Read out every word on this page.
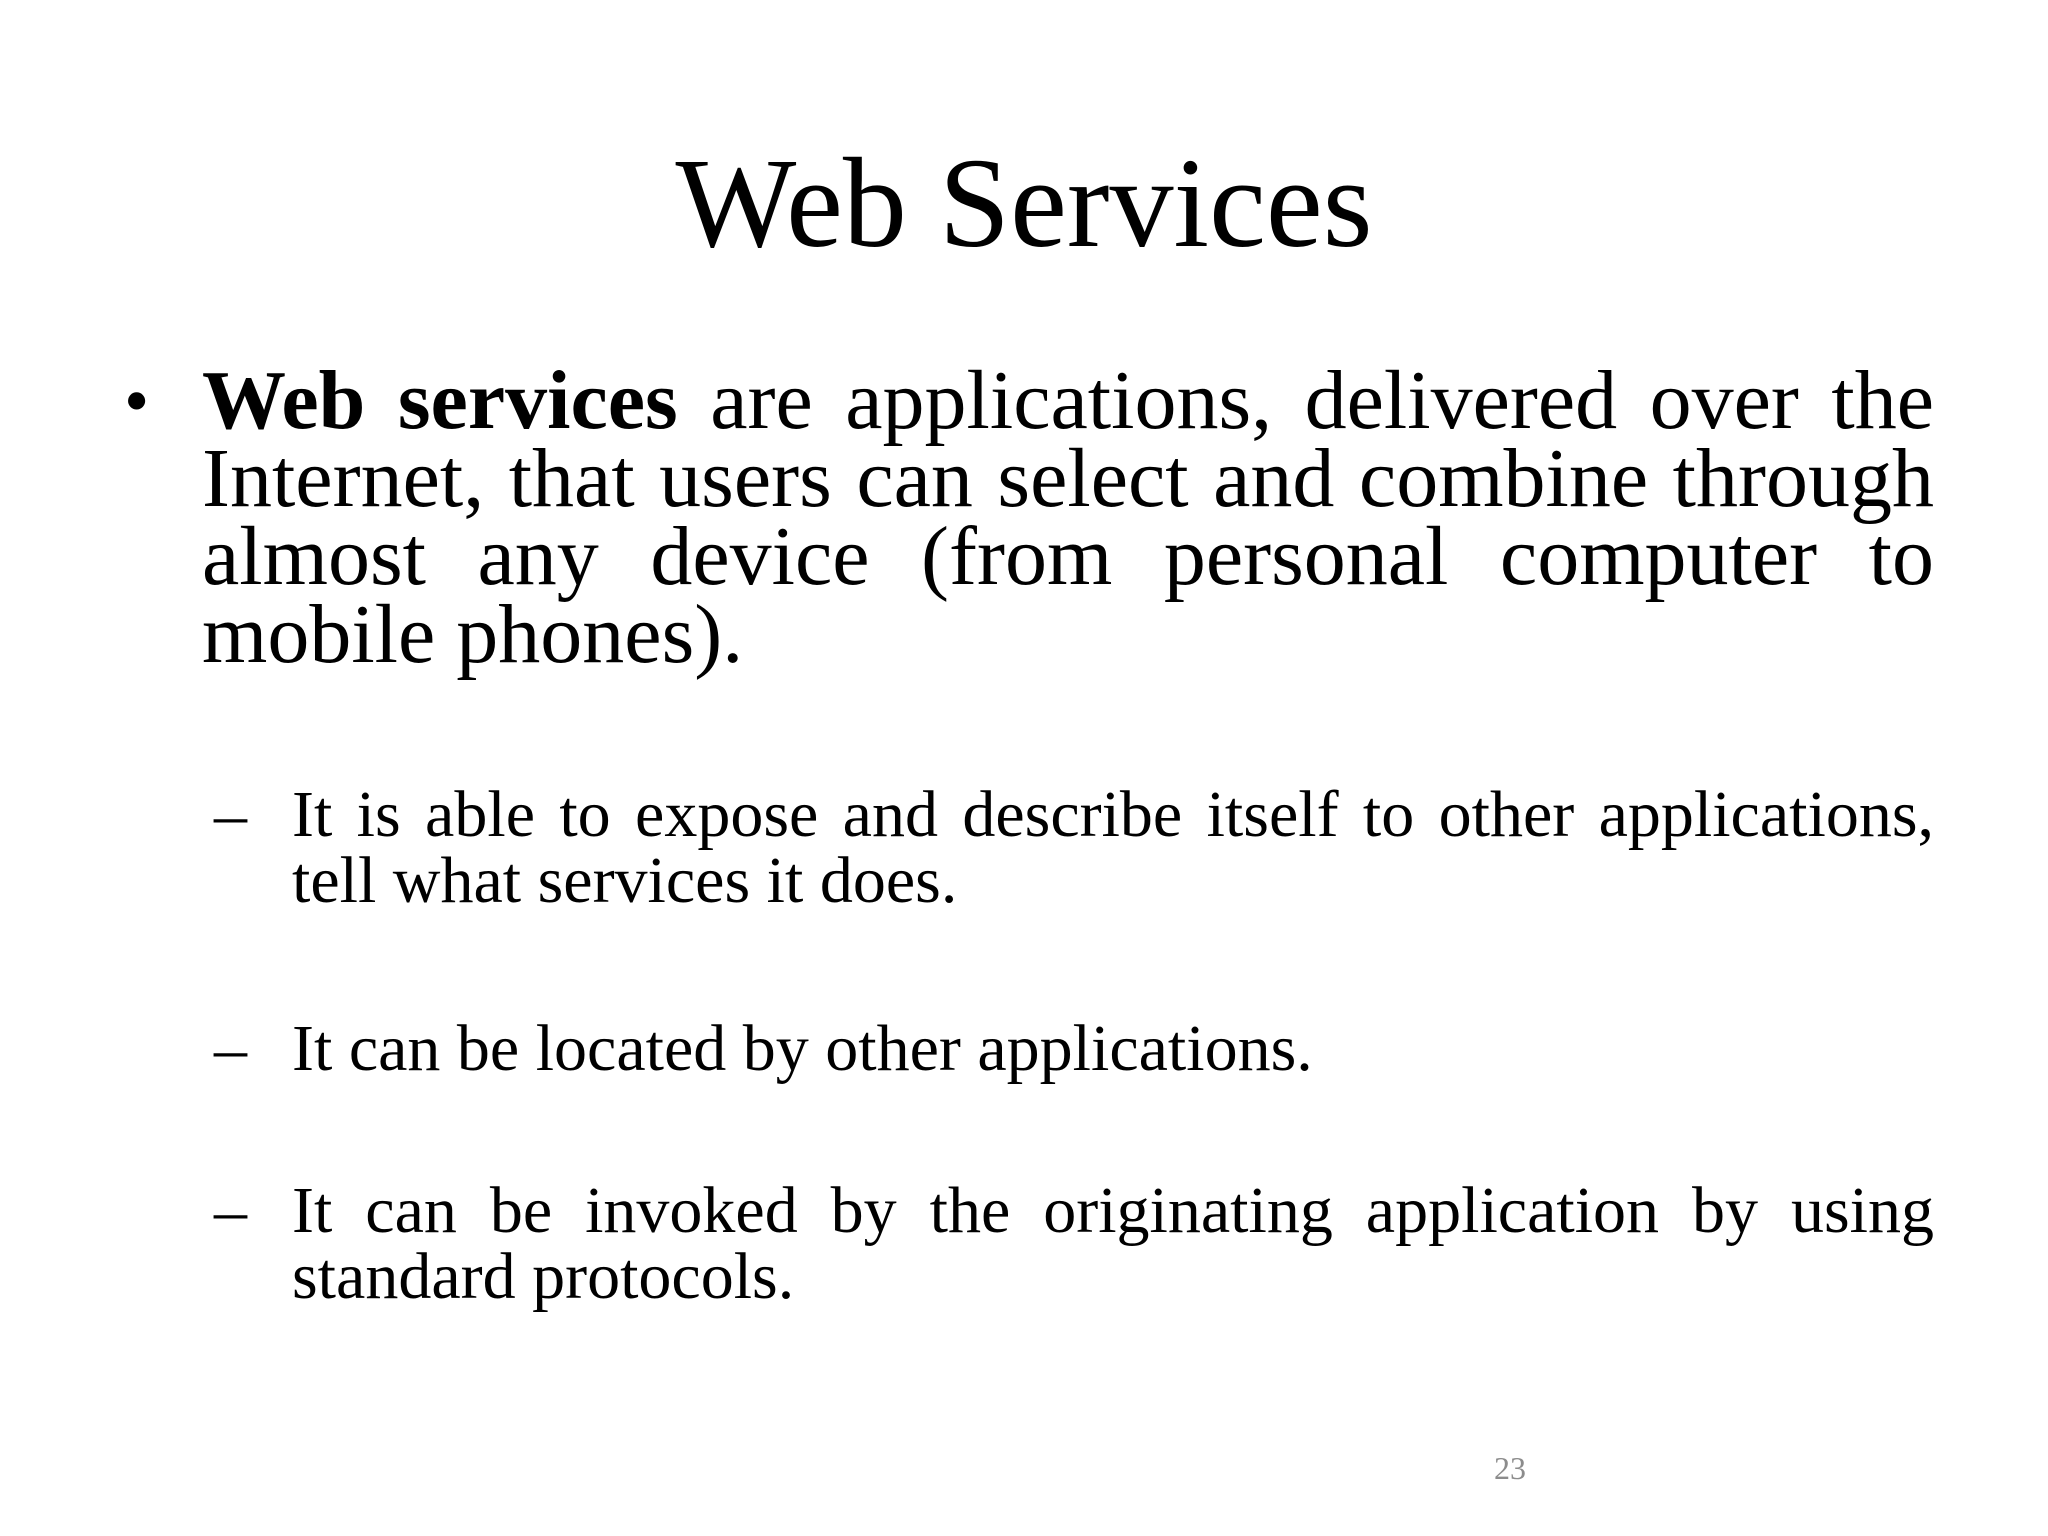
Web Services
• Web services are applications, delivered over the Internet, that users can select and combine through almost any device (from personal computer to mobile phones).
– It is able to expose and describe itself to other applications, tell what services it does.
– It can be located by other applications.
– It can be invoked by the originating application by using standard protocols.
23
